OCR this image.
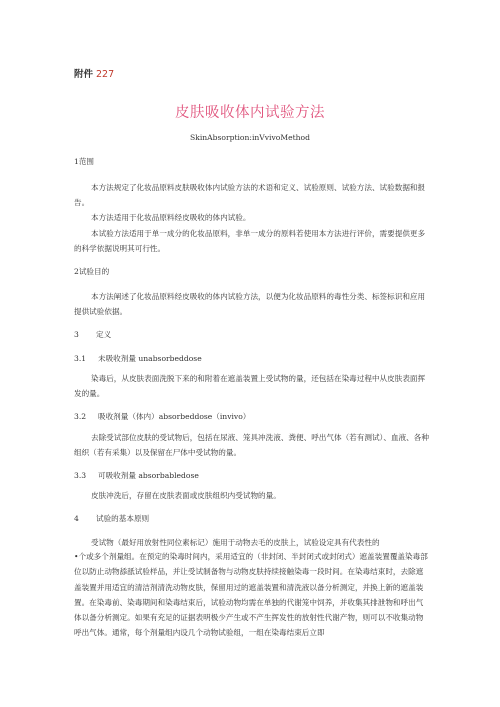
附件 227
皮肤吸收体内试验方法
SkinAbsorption:inVvivoMethod
1范围
本方法规定了化妆品原料皮肤吸收体内试验方法的术语和定义、试验原则、试验方法、试验数据和报告。
本方法适用于化妆品原料经皮吸收的体内试验。
本试验方法适用于单一成分的化妆品原料，非单一成分的原料若使用本方法进行评价，需要提供更多的科学依据说明其可行性。
2试验目的
本方法阐述了化妆品原料经皮吸收的体内试验方法，以便为化妆品原料的毒性分类、标签标识和应用提供试验依据。
3 定义
3.1 未吸收剂量 unabsorbeddose
染毒后，从皮肤表面洗脱下来的和附着在遮盖装置上受试物的量，还包括在染毒过程中从皮肤表面挥发的量。
3.2 吸收剂量（体内）absorbeddose（invivo）
去除受试部位皮肤的受试物后，包括在尿液、笼具冲洗液、粪便、呼出气体（若有测试）、血液、各种组织（若有采集）以及保留在尸体中受试物的量。
3.3 可吸收剂量 absorbabledose
皮肤冲洗后，存留在皮肤表面或皮肤组织内受试物的量。
4 试验的基本原则
受试物（最好用放射性同位素标记）施用于动物去毛的皮肤上，试验设定具有代表性的
•个或多个剂量组。在预定的染毒时间内，采用适宜的（非封闭、半封闭式或封闭式）遮盖装置覆盖染毒部位以防止动物舔舐试验样品，并让受试制备物与动物皮肤持续接触染毒一段时间。在染毒结束时，去除遮盖装置并用适宜的清洁剂清洗动物皮肤，保留用过的遮盖装置和清洗液以备分析测定，并换上新的遮盖装置。在染毒前、染毒期间和染毒结束后，试验动物均需在单独的代谢笼中饲养，并收集其排泄物和呼出气体以备分析测定。如果有充足的证据表明极少产生或不产生挥发性的放射性代谢产物，则可以不收集动物呼出气体。通常，每个剂量组内设几个动物试验组，一组在染毒结束后立即
